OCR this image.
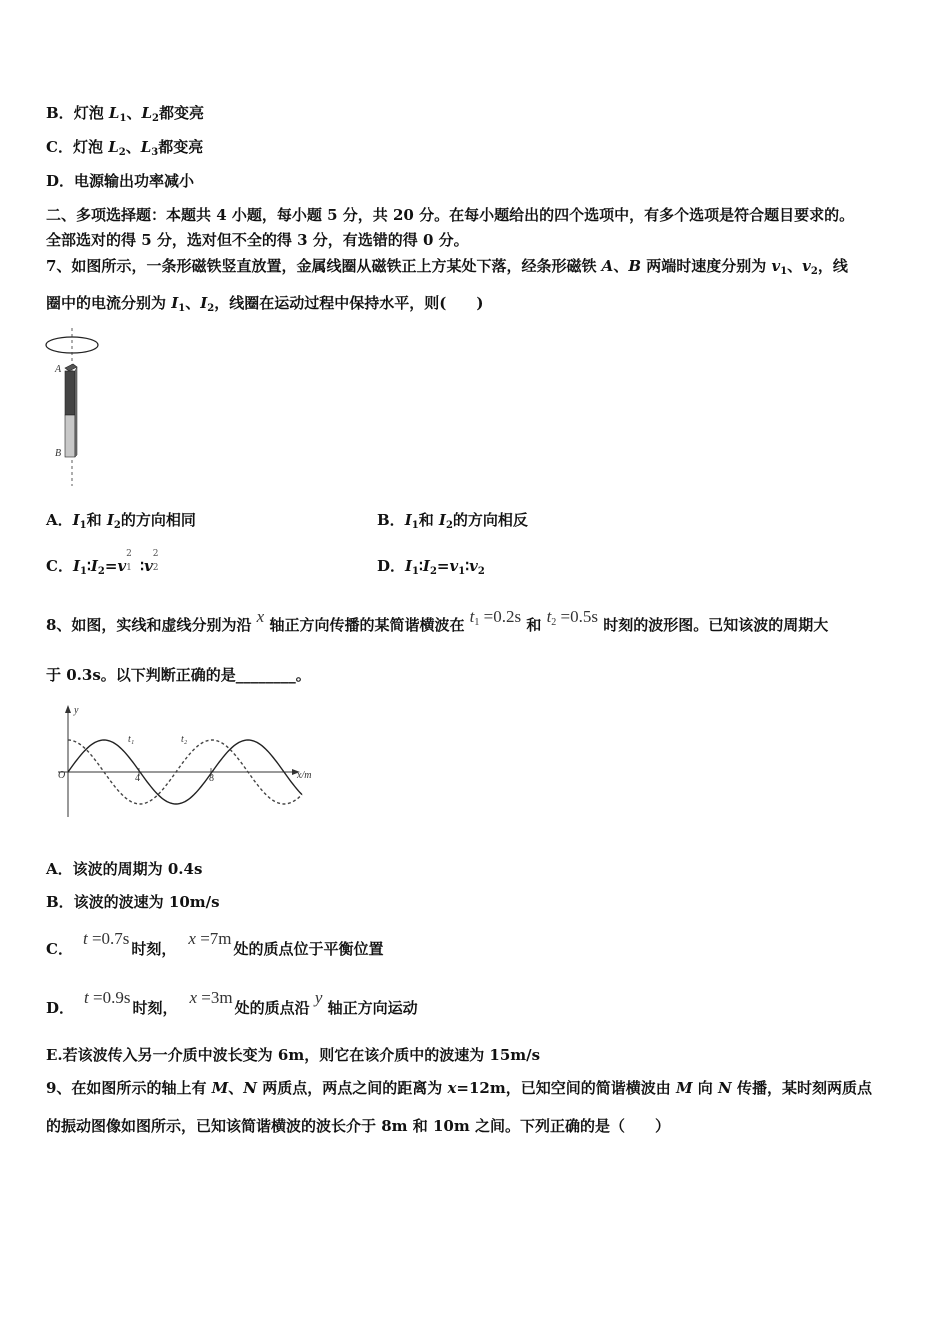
B．灯泡 $L_1$、$L_2$都变亮
C．灯泡 $L_2$、$L_3$都变亮
D．电源输出功率减小
二、多项选择题：本题共 4 小题，每小题 5 分，共 20 分。在每小题给出的四个选项中，有多个选项是符合题目要求的。
全部选对的得 5 分，选对但不全的得 3 分，有选错的得 0 分。
7、如图所示，一条形磁铁竖直放置，金属线圈从磁铁正上方某处下落，经条形磁铁 A、B 两端时速度分别为 $v_1$、$v_2$，线
圈中的电流分别为 $I_1$、$I_2$，线圈在运动过程中保持水平，则(　　)
A
B
A．$I_1$和 $I_2$的方向相同	B．$I_1$和 $I_2$的方向相反
C．$I_1∶I_2=v$
2
1 ∶v
2
2	D．$I_1∶I_2=v_1∶v_2$
8、如图，实线和虚线分别为沿 x 轴正方向传播的某简谐横波在 $t_1 =0.2s$ 和 $t_2 =0.5s$ 时刻的波形图。已知该波的周期大
于 0.3s。以下判断正确的是________。
y
t₁	t₂
O	4	8	x/m
A．该波的周期为 0.4s
B．该波的波速为 10m/s
C．t =0.7s时刻，x =7m处的质点位于平衡位置
D．t =0.9s时刻，x =3m处的质点沿 y 轴正方向运动
E.若该波传入另一介质中波长变为 6m，则它在该介质中的波速为 15m/s
9、在如图所示的轴上有 M、N 两质点，两点之间的距离为 x=12m，已知空间的简谐横波由 M 向 N 传播，某时刻两质点
的振动图像如图所示，已知该简谐横波的波长介于 8m 和 10m 之间。下列正确的是（　　）
